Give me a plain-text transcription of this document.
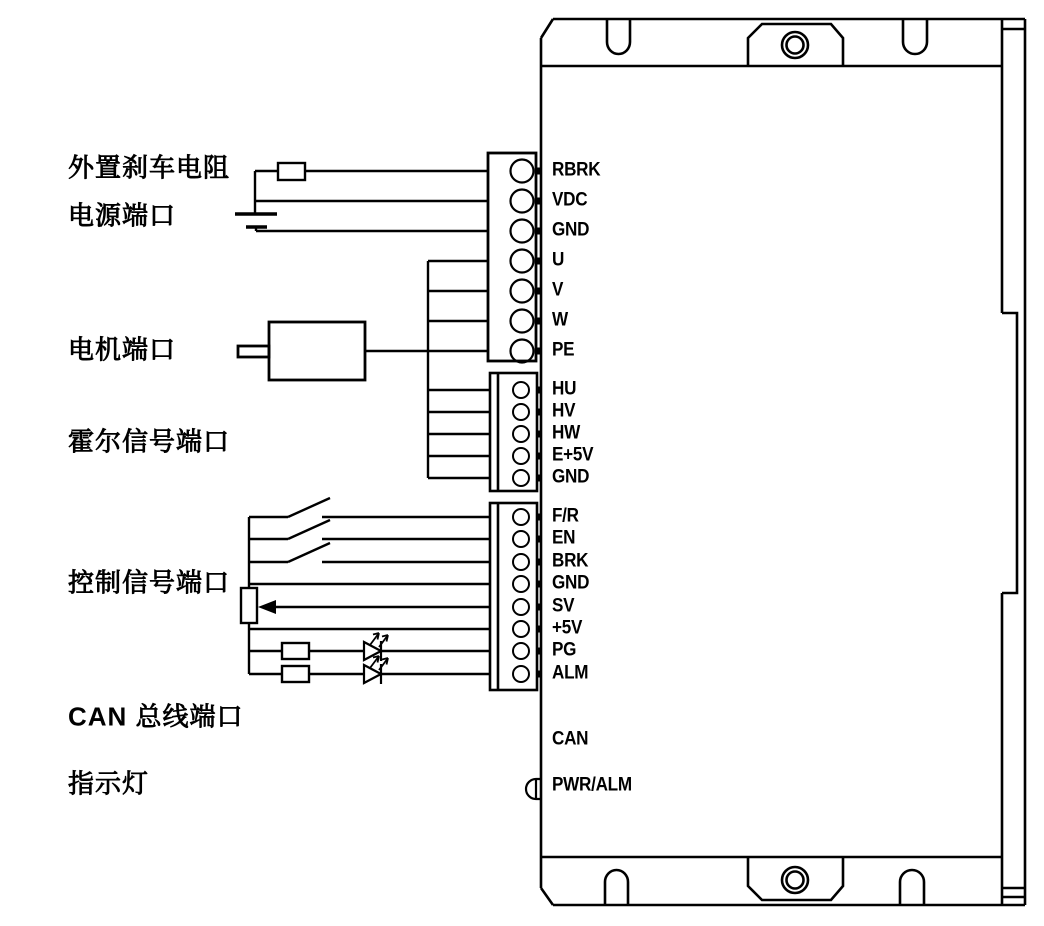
外置刹车电阻
电源端口
电机端口
霍尔信号端口
控制信号端口
CAN 总线端口
指示灯
RBRK
VDC
GND
U
V
W
PE
HU
HV
HW
E+5V
GND
F/R
EN
BRK
GND
SV
+5V
PG
ALM
CAN
PWR/ALM
